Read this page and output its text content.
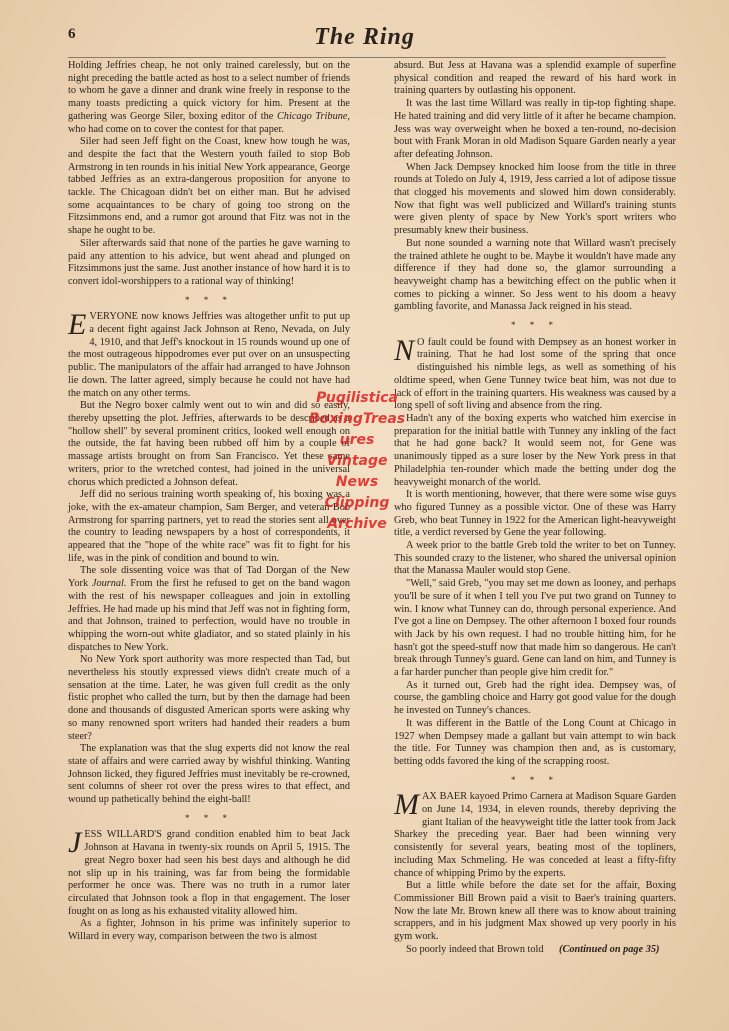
6	The Ring

Holding Jeffries cheap, he not only trained carelessly, but on the night preceding the battle acted as host to a select number of friends to whom he gave a dinner and drank wine freely in response to the many toasts predicting a quick victory for him. Present at the gathering was George Siler, boxing editor of the Chicago Tribune, who had come on to cover the contest for that paper.

Siler had seen Jeff fight on the Coast, knew how tough he was, and despite the fact that the Western youth failed to stop Bob Armstrong in ten rounds in his initial New York appearance, George tabbed Jeffries as an extra-dangerous proposition for anyone to tackle. The Chicagoan didn't bet on either man. But he advised some acquaintances to be chary of going too strong on the Fitzsimmons end, and a rumor got around that Fitz was not in the shape he ought to be.

Siler afterwards said that none of the parties he gave warning to paid any attention to his advice, but went ahead and plunged on Fitzsimmons just the same. Just another instance of how hard it is to convert idol-worshippers to a rational way of thinking!

* * *

EVERYONE now knows Jeffries was altogether unfit to put up a decent fight against Jack Johnson at Reno, Nevada, on July 4, 1910, and that Jeff's knockout in 15 rounds wound up one of the most outrageous hippodromes ever put over on an unsuspecting public. The manipulators of the affair had arranged to have Johnson lie down. The latter agreed, simply because he could not have had the match on any other terms.

But the Negro boxer calmly went out to win and did so easily, thereby upsetting the plot. Jeffries, afterwards to be described as a "hollow shell" by several prominent critics, looked well enough on the outside, the fat having been rubbed off him by a couple of massage artists brought on from San Francisco. Yet these same writers, prior to the wretched contest, had joined in the universal chorus which predicted a Johnson defeat.

Jeff did no serious training worth speaking of, his boxing was a joke, with the ex-amateur champion, Sam Berger, and veteran Bob Armstrong for sparring partners, yet to read the stories sent all over the country to leading newspapers by a host of correspondents, it appeared that the "hope of the white race" was fit to fight for his life, was in the pink of condition and bound to win.

The sole dissenting voice was that of Tad Dorgan of the New York Journal. From the first he refused to get on the band wagon with the rest of his newspaper colleagues and join in extolling Jeffries. He had made up his mind that Jeff was not in fighting form, and that Johnson, trained to perfection, would have no trouble in whipping the worn-out white gladiator, and so stated plainly in his dispatches to New York.

No New York sport authority was more respected than Tad, but nevertheless his stoutly expressed views didn't create much of a sensation at the time. Later, he was given full credit as the only fistic prophet who called the turn, but by then the damage had been done and thousands of disgusted American sports were asking why so many renowned sport writers had handed their readers a bum steer?

The explanation was that the slug experts did not know the real state of affairs and were carried away by wishful thinking. Wanting Johnson licked, they figured Jeffries must inevitably be re-crowned, sent columns of sheer rot over the press wires to that effect, and wound up pathetically behind the eight-ball!

* * *

JESS WILLARD'S grand condition enabled him to beat Jack Johnson at Havana in twenty-six rounds on April 5, 1915. The great Negro boxer had seen his best days and although he did not slip up in his training, was far from being the formidable performer he once was. There was no truth in a rumor later circulated that Johnson took a flop in that engagement. The loser fought on as long as his exhausted vitality allowed him.

As a fighter, Johnson in his prime was infinitely superior to Willard in every way, comparison between the two is almost

absurd. But Jess at Havana was a splendid example of superfine physical condition and reaped the reward of his hard work in training quarters by outlasting his opponent.

It was the last time Willard was really in tip-top fighting shape. He hated training and did very little of it after he became champion. Jess was way overweight when he boxed a ten-round, no-decision bout with Frank Moran in old Madison Square Garden nearly a year after defeating Johnson.

When Jack Dempsey knocked him loose from the title in three rounds at Toledo on July 4, 1919, Jess carried a lot of adipose tissue that clogged his movements and slowed him down considerably. Now that fight was well publicized and Willard's training stunts were given plenty of space by New York's sport writers who presumably knew their business.

But none sounded a warning note that Willard wasn't precisely the trained athlete he ought to be. Maybe it wouldn't have made any difference if they had done so, the glamor surrounding a heavyweight champ has a bewitching effect on the public when it comes to picking a winner. So Jess went to his doom a heavy gambling favorite, and Manassa Jack reigned in his stead.

* * *

N O fault could be found with Dempsey as an honest worker in training. That he had lost some of the spring that once distinguished his nimble legs, as well as something of his oldtime speed, when Gene Tunney twice beat him, was not due to lack of effort in the training quarters. His weakness was caused by a long spell of soft living and absence from the ring.

Hadn't any of the boxing experts who watched him exercise in preparation for the initial battle with Tunney any inkling of the fact that he had gone back? It would seem not, for Gene was unanimously tipped as a sure loser by the New York press in that Philadelphia ten-rounder which made the betting under dog the heavyweight monarch of the world.

It is worth mentioning, however, that there were some wise guys who figured Tunney as a possible victor. One of these was Harry Greb, who beat Tunney in 1922 for the American light-heavyweight title, a verdict reversed by Gene the year following.

A week prior to the battle Greb told the writer to bet on Tunney. This sounded crazy to the listener, who shared the universal opinion that the Manassa Mauler would stop Gene.

"Well," said Greb, "you may set me down as looney, and perhaps you'll be sure of it when I tell you I've put two grand on Tunney to win. I know what Tunney can do, through personal experience. And I've got a line on Dempsey. The other afternoon I boxed four rounds with Jack by his own request. I had no trouble hitting him, for he hasn't got the speed-stuff now that made him so dangerous. He can't break through Tunney's guard. Gene can land on him, and Tunney is a far harder puncher than people give him credit for."

As it turned out, Greb had the right idea. Dempsey was, of course, the gambling choice and Harry got good value for the dough he invested on Tunney's chances.

It was different in the Battle of the Long Count at Chicago in 1927 when Dempsey made a gallant but vain attempt to win back the title. For Tunney was champion then and, as is customary, betting odds favored the king of the scrapping roost.

* * *

MAX BAER kayoed Primo Carnera at Madison Square Garden on June 14, 1934, in eleven rounds, thereby depriving the giant Italian of the heavyweight title the latter took from Jack Sharkey the preceding year. Baer had been winning very consistently for several years, beating most of the topliners, including Max Schmeling. He was conceded at least a fifty-fifty chance of whipping Primo by the experts.

But a little while before the date set for the affair, Boxing Commissioner Bill Brown paid a visit to Baer's training quarters. Now the late Mr. Brown knew all there was to know about training scrappers, and in his judgment Max showed up very poorly in his gym work.

So poorly indeed that Brown told (Continued on page 35)

Pugilistica
BoxingTreas
ures
Vintage
News
Clipping
Archive
